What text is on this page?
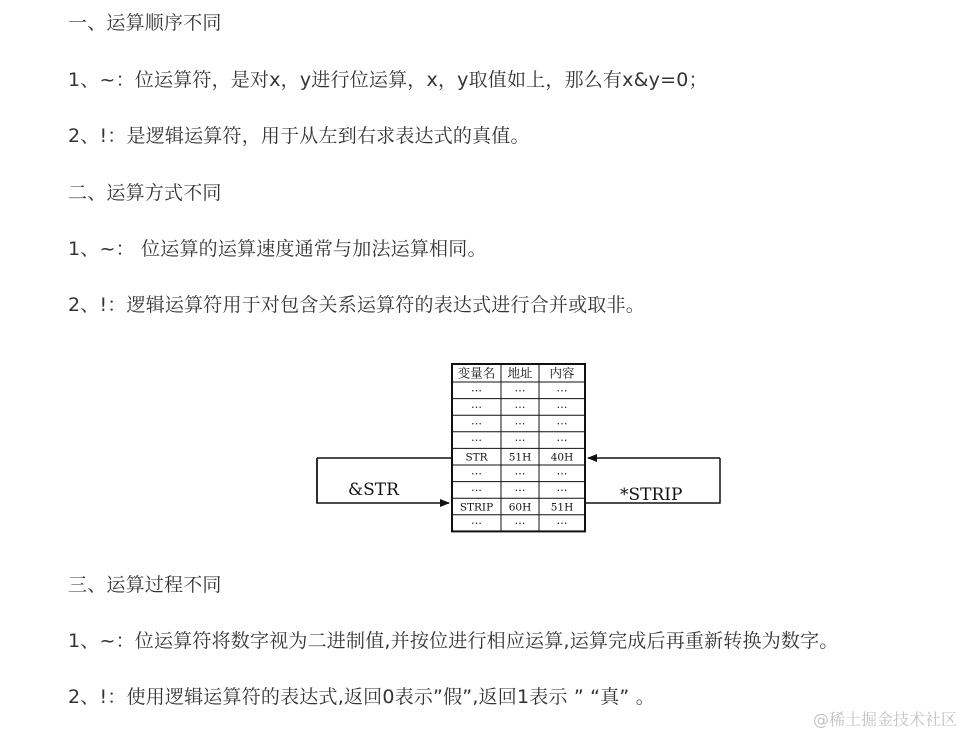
一、运算顺序不同
1、~：位运算符，是对x，y进行位运算，x，y取值如上，那么有x&y=0；
2、!：是逻辑运算符，用于从左到右求表达式的真值。
二、运算方式不同
1、~： 位运算的运算速度通常与加法运算相同。
2、!：逻辑运算符用于对包含关系运算符的表达式进行合并或取非。
变量名 地址 内容
…	…	…
…	…	…
…	…	…
…	…	…
STR 51H 40H
…	…	…
…	…	…
STRIP 60H 51H
…	…	…
&STR	*STRIP
三、运算过程不同
1、~：位运算符将数字视为二进制值,并按位进行相应运算,运算完成后再重新转换为数字。
2、!：使用逻辑运算符的表达式,返回0表示”假”,返回1表示 ” “真” 。
@稀土掘金技术社区
